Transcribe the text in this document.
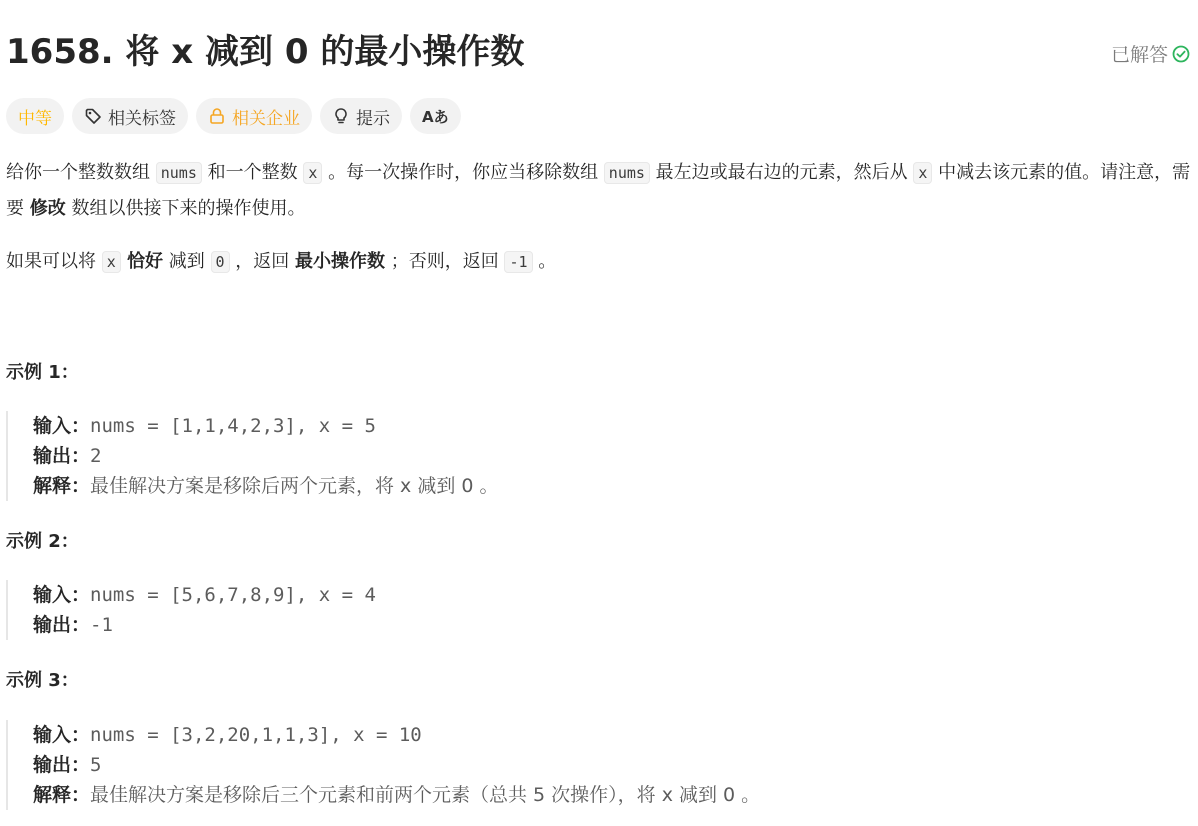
1658. 将 x 减到 0 的最小操作数	已解答
中等	相关标签	相关企业	提示 Aあ

给你一个整数数组 nums 和一个整数 x 。每一次操作时，你应当移除数组 nums 最左边或最右边的元素，然后从 x 中减去该元素的值。请注意，需要 修改 数组以供接下来的操作使用。

如果可以将 x 恰好 减到 0 ，返回 最小操作数 ；否则，返回 -1 。

示例 1：
输入：nums = [1,1,4,2,3], x = 5
输出：2
解释：最佳解决方案是移除后两个元素，将 x 减到 0 。
示例 2：
输入：nums = [5,6,7,8,9], x = 4
输出：-1
示例 3：
输入：nums = [3,2,20,1,1,3], x = 10
输出：5
解释：最佳解决方案是移除后三个元素和前两个元素（总共 5 次操作），将 x 减到 0 。
